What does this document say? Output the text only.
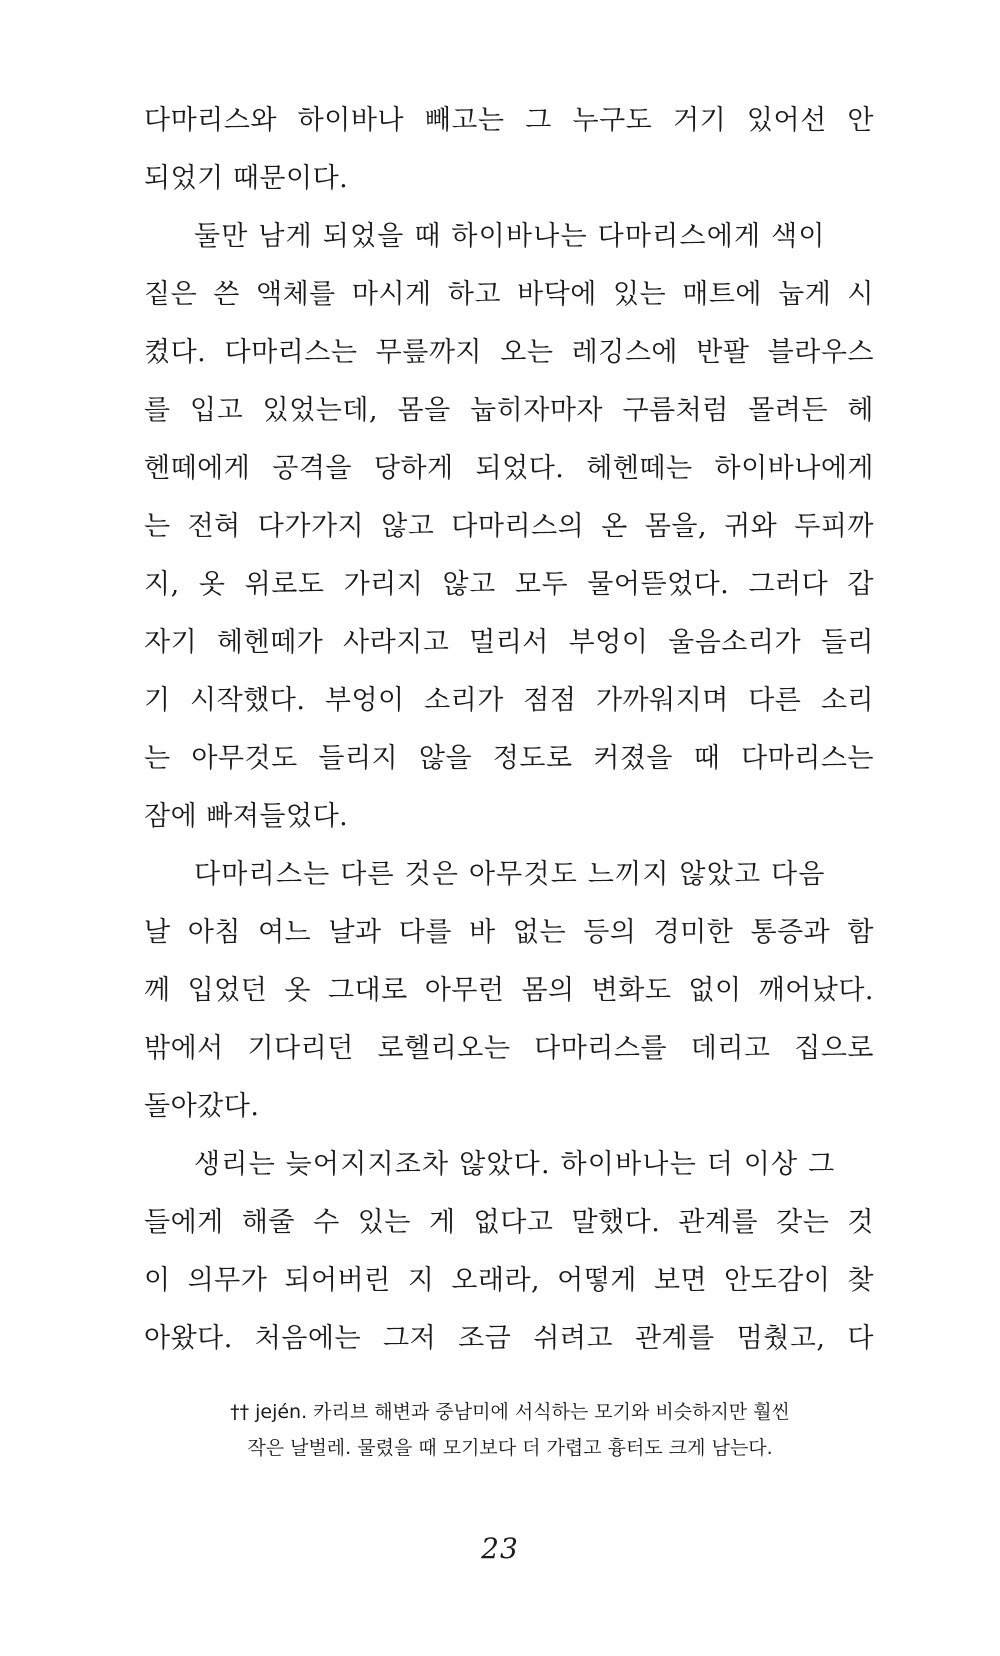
다마리스와 하이바나 빼고는 그 누구도 거기 있어선 안
되었기 때문이다.
둘만 남게 되었을 때 하이바나는 다마리스에게 색이
짙은 쓴 액체를 마시게 하고 바닥에 있는 매트에 눕게 시
켰다. 다마리스는 무릎까지 오는 레깅스에 반팔 블라우스
를 입고 있었는데, 몸을 눕히자마자 구름처럼 몰려든 헤
헨떼에게 공격을 당하게 되었다. 헤헨떼는 하이바나에게
는 전혀 다가가지 않고 다마리스의 온 몸을, 귀와 두피까
지, 옷 위로도 가리지 않고 모두 물어뜯었다. 그러다 갑
자기 헤헨떼가 사라지고 멀리서 부엉이 울음소리가 들리
기 시작했다. 부엉이 소리가 점점 가까워지며 다른 소리
는 아무것도 들리지 않을 정도로 커졌을 때 다마리스는
잠에 빠져들었다.
다마리스는 다른 것은 아무것도 느끼지 않았고 다음
날 아침 여느 날과 다를 바 없는 등의 경미한 통증과 함
께 입었던 옷 그대로 아무런 몸의 변화도 없이 깨어났다.
밖에서 기다리던 로헬리오는 다마리스를 데리고 집으로
돌아갔다.
생리는 늦어지지조차 않았다. 하이바나는 더 이상 그
들에게 해줄 수 있는 게 없다고 말했다. 관계를 갖는 것
이 의무가 되어버린 지 오래라, 어떻게 보면 안도감이 찾
아왔다. 처음에는 그저 조금 쉬려고 관계를 멈췄고, 다
†† jején. 카리브 해변과 중남미에 서식하는 모기와 비슷하지만 훨씬
작은 날벌레. 물렸을 때 모기보다 더 가렵고 흉터도 크게 남는다.
23
